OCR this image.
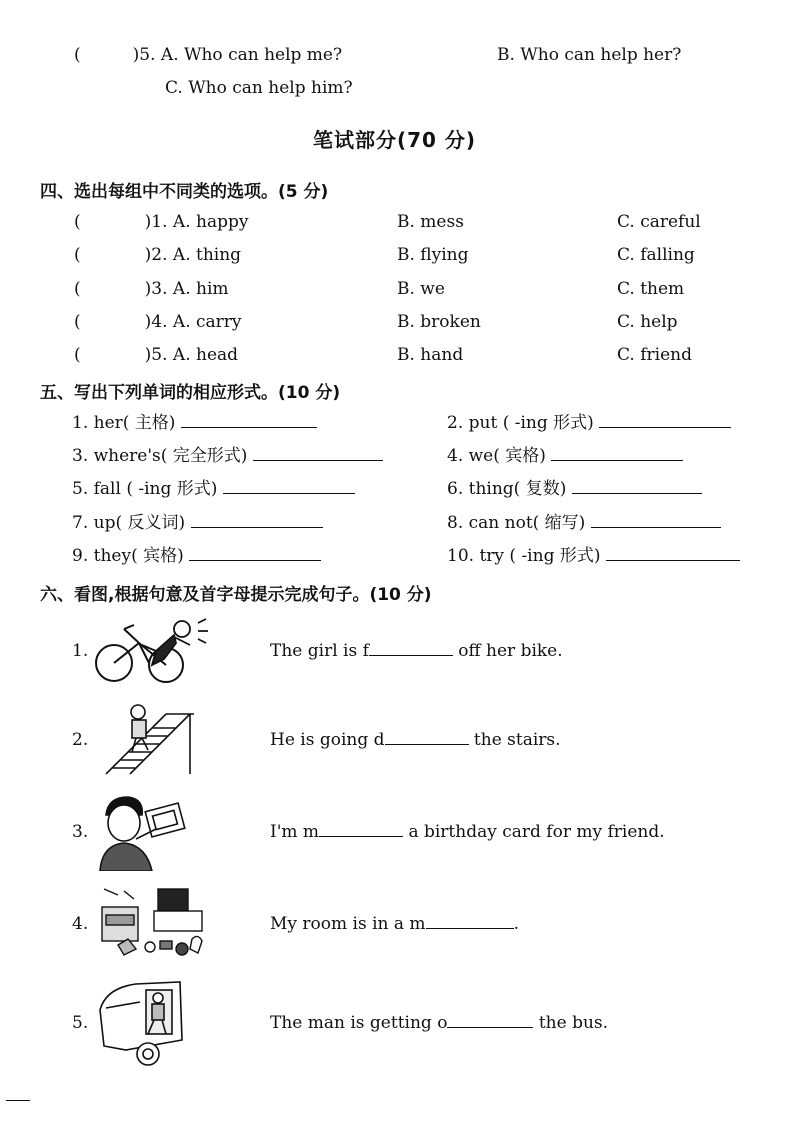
(	)5. A. Who can help me?	B. Who can help her?
C. Who can help him?
笔试部分(70 分)
四、选出每组中不同类的选项。(5 分)
(	)1. A. happy	B. mess	C. careful
(	)2. A. thing	B. flying	C. falling
(	)3. A. him	B. we	C. them
(	)4. A. carry	B. broken	C. help
(	)5. A. head	B. hand	C. friend
五、写出下列单词的相应形式。(10 分)
1. her( 主格)	2. put ( -ing 形式)
3. where's( 完全形式)	4. we( 宾格)
5. fall ( -ing 形式)	6. thing( 复数)
7. up( 反义词)	8. can not( 缩写)
9. they( 宾格)	10. try ( -ing 形式)
六、看图,根据句意及首字母提示完成句子。(10 分)
1.	The girl is f	off her bike.
2.	He is going d	the stairs.
3.	I'm m	a birthday card for my friend.
4.	My room is in a m	.
5.	The man is getting o	the bus.
